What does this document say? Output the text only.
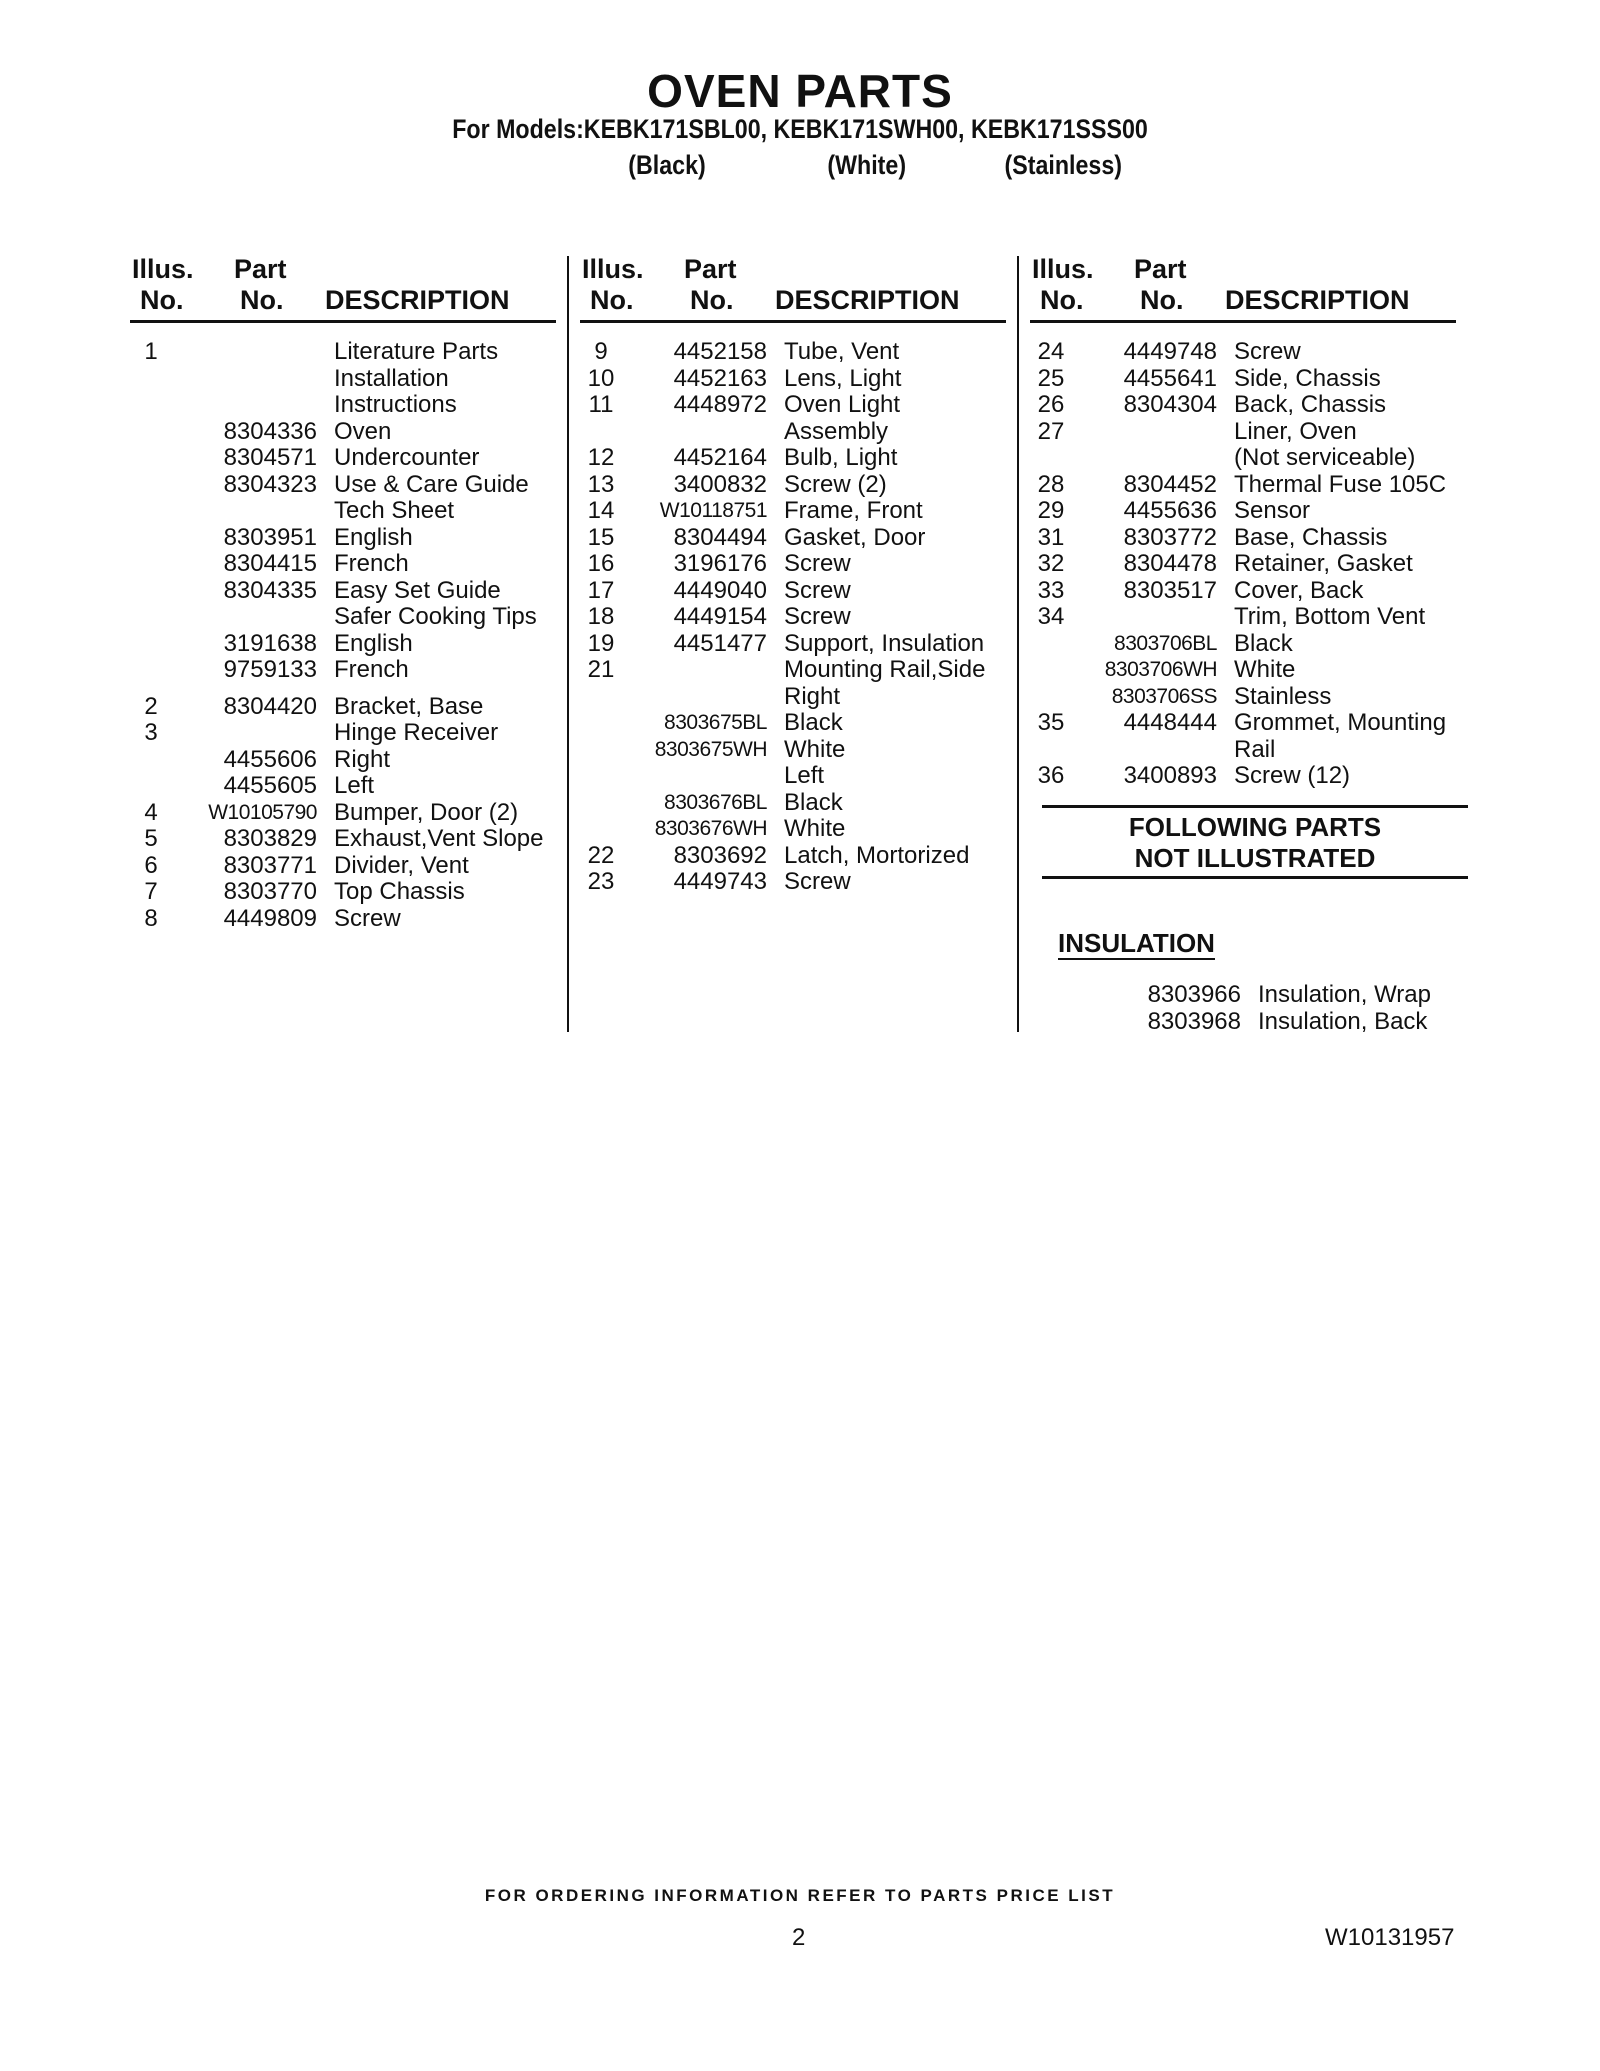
OVEN PARTS
For Models:KEBK171SBL00, KEBK171SWH00, KEBK171SSS00
(Black)	(White)	(Stainless)
Illus.
No.
Part
No. DESCRIPTION
1	Literature Parts
Installation
Instructions
8304336 Oven
8304571 Undercounter
8304323 Use & Care Guide
Tech Sheet
8303951 English
8304415 French
8304335 Easy Set Guide
Safer Cooking Tips
3191638 English
9759133 French
2	8304420 Bracket, Base
3	Hinge Receiver
4455606 Right
4455605 Left
4	W10105790 Bumper, Door (2)
5	8303829 Exhaust,Vent Slope
6	8303771 Divider, Vent
7	8303770 Top Chassis
8	4449809 Screw
Illus.
No.
Part
No. DESCRIPTION
9	4452158 Tube, Vent
10	4452163 Lens, Light
11	4448972 Oven Light
Assembly
12	4452164 Bulb, Light
13	3400832 Screw (2)
14	W10118751 Frame, Front
15	8304494 Gasket, Door
16	3196176 Screw
17	4449040 Screw
18	4449154 Screw
19	4451477 Support, Insulation
21	Mounting Rail,Side
Right
8303675BL Black
8303675WH White
Left
8303676BL Black
8303676WH White
22	8303692 Latch, Mortorized
23	4449743 Screw
Illus.
No.
Part
No. DESCRIPTION
24	4449748 Screw
25	4455641 Side, Chassis
26	8304304 Back, Chassis
27	Liner, Oven
(Not serviceable)
28	8304452 Thermal Fuse 105C
29	4455636 Sensor
31	8303772 Base, Chassis
32	8304478 Retainer, Gasket
33	8303517 Cover, Back
34	Trim, Bottom Vent
8303706BL Black
8303706WH White
8303706SS Stainless
35	4448444 Grommet, Mounting
Rail
36	3400893 Screw (12)
FOLLOWING PARTS
NOT ILLUSTRATED
INSULATION
8303966 Insulation, Wrap
8303968 Insulation, Back
FOR ORDERING INFORMATION REFER TO PARTS PRICE LIST
2	W10131957
